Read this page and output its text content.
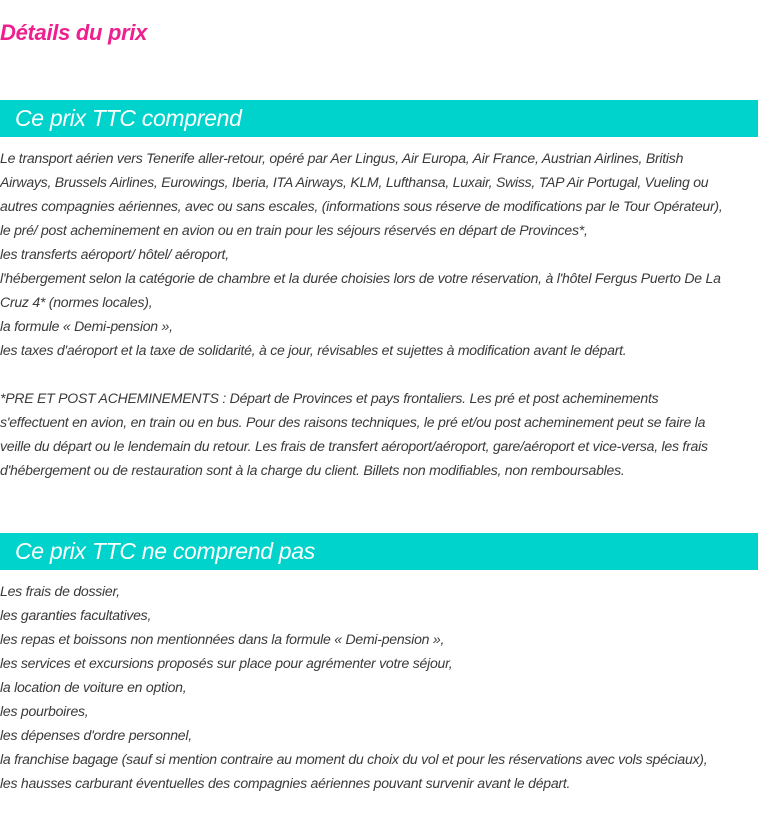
Détails du prix
Ce prix TTC comprend
Le transport aérien vers Tenerife aller-retour, opéré par Aer Lingus, Air Europa, Air France, Austrian Airlines, British
Airways, Brussels Airlines, Eurowings, Iberia, ITA Airways, KLM, Lufthansa, Luxair, Swiss, TAP Air Portugal, Vueling ou
autres compagnies aériennes, avec ou sans escales, (informations sous réserve de modifications par le Tour Opérateur),
le pré/ post acheminement en avion ou en train pour les séjours réservés en départ de Provinces*,
les transferts aéroport/ hôtel/ aéroport,
l'hébergement selon la catégorie de chambre et la durée choisies lors de votre réservation, à l'hôtel Fergus Puerto De La
Cruz 4* (normes locales),
la formule « Demi-pension »,
les taxes d'aéroport et la taxe de solidarité, à ce jour, révisables et sujettes à modification avant le départ.
*PRE ET POST ACHEMINEMENTS : Départ de Provinces et pays frontaliers. Les pré et post acheminements
s'effectuent en avion, en train ou en bus. Pour des raisons techniques, le pré et/ou post acheminement peut se faire la
veille du départ ou le lendemain du retour. Les frais de transfert aéroport/aéroport, gare/aéroport et vice-versa, les frais
d'hébergement ou de restauration sont à la charge du client. Billets non modifiables, non remboursables.
Ce prix TTC ne comprend pas
Les frais de dossier,
les garanties facultatives,
les repas et boissons non mentionnées dans la formule « Demi-pension »,
les services et excursions proposés sur place pour agrémenter votre séjour,
la location de voiture en option,
les pourboires,
les dépenses d'ordre personnel,
la franchise bagage (sauf si mention contraire au moment du choix du vol et pour les réservations avec vols spéciaux),
les hausses carburant éventuelles des compagnies aériennes pouvant survenir avant le départ.
